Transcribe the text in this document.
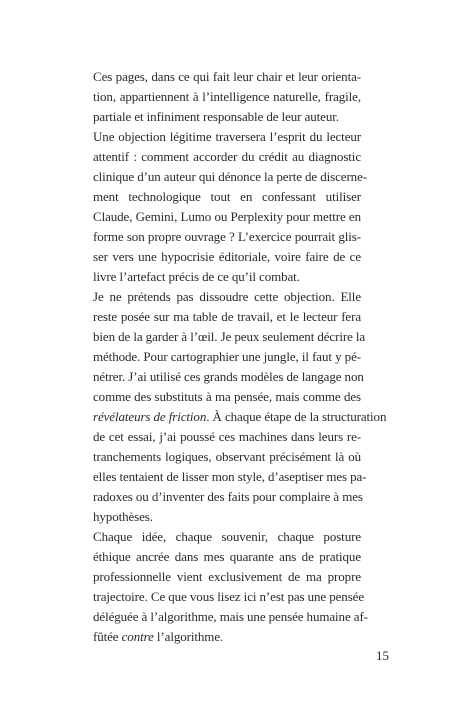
Ces pages, dans ce qui fait leur chair et leur orienta-
tion, appartiennent à l’intelligence naturelle, fragile,
partiale et infiniment responsable de leur auteur.
Une objection légitime traversera l’esprit du lecteur
attentif : comment accorder du crédit au diagnostic
clinique d’un auteur qui dénonce la perte de discerne-
ment technologique tout en confessant utiliser
Claude, Gemini, Lumo ou Perplexity pour mettre en
forme son propre ouvrage ? L’exercice pourrait glis-
ser vers une hypocrisie éditoriale, voire faire de ce
livre l’artefact précis de ce qu’il combat.
Je ne prétends pas dissoudre cette objection. Elle
reste posée sur ma table de travail, et le lecteur fera
bien de la garder à l’œil. Je peux seulement décrire la
méthode. Pour cartographier une jungle, il faut y pé-
nétrer. J’ai utilisé ces grands modèles de langage non
comme des substituts à ma pensée, mais comme des
révélateurs de friction. À chaque étape de la structuration
de cet essai, j’ai poussé ces machines dans leurs re-
tranchements logiques, observant précisément là où
elles tentaient de lisser mon style, d’aseptiser mes pa-
radoxes ou d’inventer des faits pour complaire à mes
hypothèses.
Chaque idée, chaque souvenir, chaque posture
éthique ancrée dans mes quarante ans de pratique
professionnelle vient exclusivement de ma propre
trajectoire. Ce que vous lisez ici n’est pas une pensée
déléguée à l’algorithme, mais une pensée humaine af-
fûtée contre l’algorithme.
15
